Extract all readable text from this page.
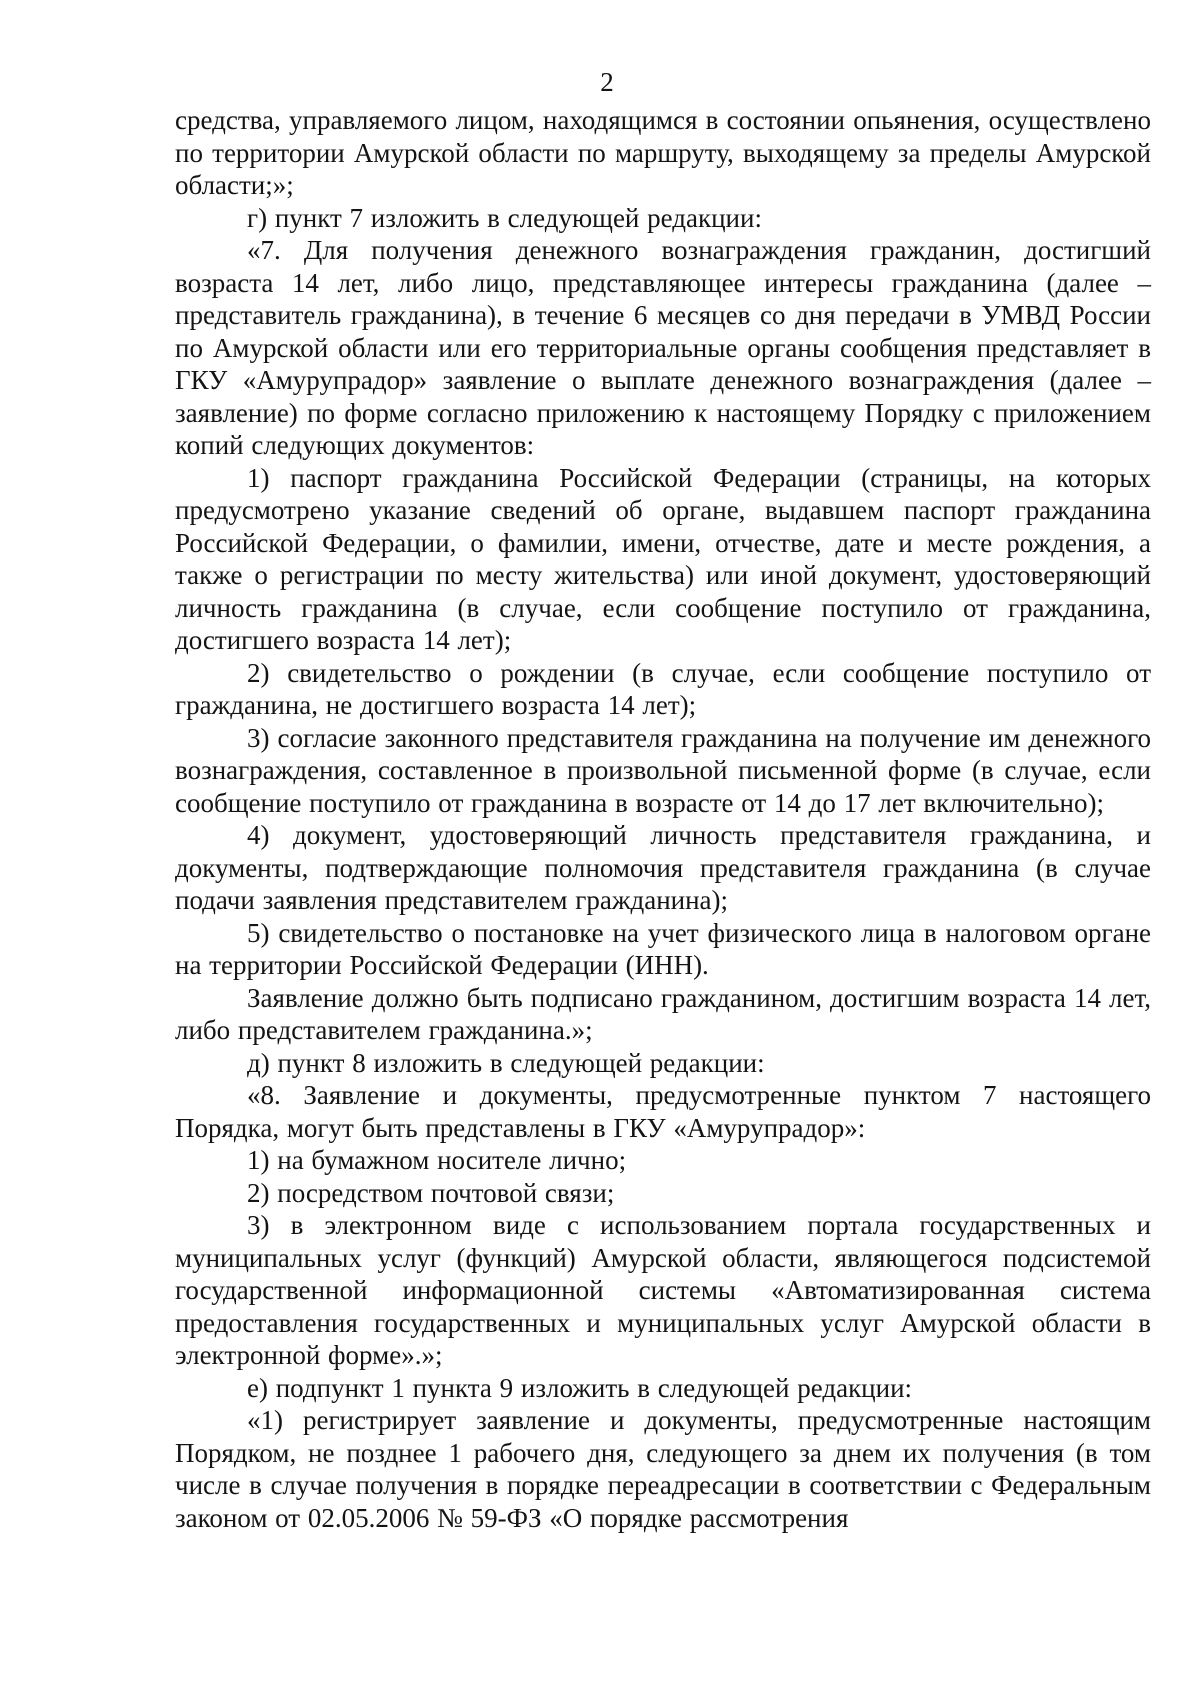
2

средства, управляемого лицом, находящимся в состоянии опьянения, осуществлено по территории Амурской области по маршруту, выходящему за пределы Амурской области;»;

г) пункт 7 изложить в следующей редакции:

«7. Для получения денежного вознаграждения гражданин, достигший возраста 14 лет, либо лицо, представляющее интересы гражданина (далее – представитель гражданина), в течение 6 месяцев со дня передачи в УМВД России по Амурской области или его территориальные органы сообщения представляет в ГКУ «Амурупрадор» заявление о выплате денежного вознаграждения (далее – заявление) по форме согласно приложению к настоящему Порядку с приложением копий следующих документов:

1) паспорт гражданина Российской Федерации (страницы, на которых предусмотрено указание сведений об органе, выдавшем паспорт гражданина Российской Федерации, о фамилии, имени, отчестве, дате и месте рождения, а также о регистрации по месту жительства) или иной документ, удостоверяющий личность гражданина (в случае, если сообщение поступило от гражданина, достигшего возраста 14 лет);

2) свидетельство о рождении (в случае, если сообщение поступило от гражданина, не достигшего возраста 14 лет);

3) согласие законного представителя гражданина на получение им денежного вознаграждения, составленное в произвольной письменной форме (в случае, если сообщение поступило от гражданина в возрасте от 14 до 17 лет включительно);

4) документ, удостоверяющий личность представителя гражданина, и документы, подтверждающие полномочия представителя гражданина (в случае подачи заявления представителем гражданина);

5) свидетельство о постановке на учет физического лица в налоговом органе на территории Российской Федерации (ИНН).

Заявление должно быть подписано гражданином, достигшим возраста 14 лет, либо представителем гражданина.»;

д) пункт 8 изложить в следующей редакции:

«8. Заявление и документы, предусмотренные пунктом 7 настоящего Порядка, могут быть представлены в ГКУ «Амурупрадор»:

1) на бумажном носителе лично;

2) посредством почтовой связи;

3) в электронном виде с использованием портала государственных и муниципальных услуг (функций) Амурской области, являющегося подсистемой государственной информационной системы «Автоматизированная система предоставления государственных и муниципальных услуг Амурской области в электронной форме».»;

е) подпункт 1 пункта 9 изложить в следующей редакции:

«1) регистрирует заявление и документы, предусмотренные настоящим Порядком, не позднее 1 рабочего дня, следующего за днем их получения (в том числе в случае получения в порядке переадресации в соответствии с Федеральным законом от 02.05.2006 № 59-ФЗ «О порядке рассмотрения
